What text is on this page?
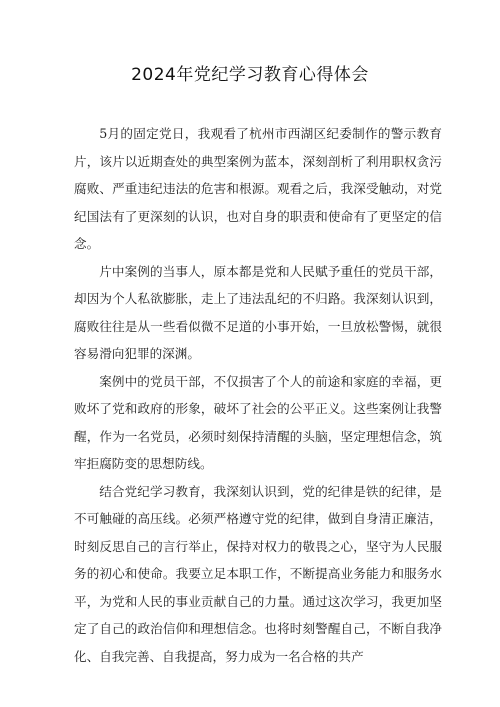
2024年党纪学习教育心得体会

5月的固定党日，我观看了杭州市西湖区纪委制作的警示教育片，该片以近期查处的典型案例为蓝本，深刻剖析了利用职权贪污腐败、严重违纪违法的危害和根源。观看之后，我深受触动，对党纪国法有了更深刻的认识，也对自身的职责和使命有了更坚定的信念。

片中案例的当事人，原本都是党和人民赋予重任的党员干部，却因为个人私欲膨胀，走上了违法乱纪的不归路。我深刻认识到，腐败往往是从一些看似微不足道的小事开始，一旦放松警惕，就很容易滑向犯罪的深渊。

案例中的党员干部，不仅损害了个人的前途和家庭的幸福，更败坏了党和政府的形象，破坏了社会的公平正义。这些案例让我警醒，作为一名党员，必须时刻保持清醒的头脑，坚定理想信念，筑牢拒腐防变的思想防线。

结合党纪学习教育，我深刻认识到，党的纪律是铁的纪律，是不可触碰的高压线。必须严格遵守党的纪律，做到自身清正廉洁，时刻反思自己的言行举止，保持对权力的敬畏之心，坚守为人民服务的初心和使命。我要立足本职工作，不断提高业务能力和服务水平，为党和人民的事业贡献自己的力量。通过这次学习，我更加坚定了自己的政治信仰和理想信念。也将时刻警醒自己，不断自我净化、自我完善、自我提高，努力成为一名合格的共产
